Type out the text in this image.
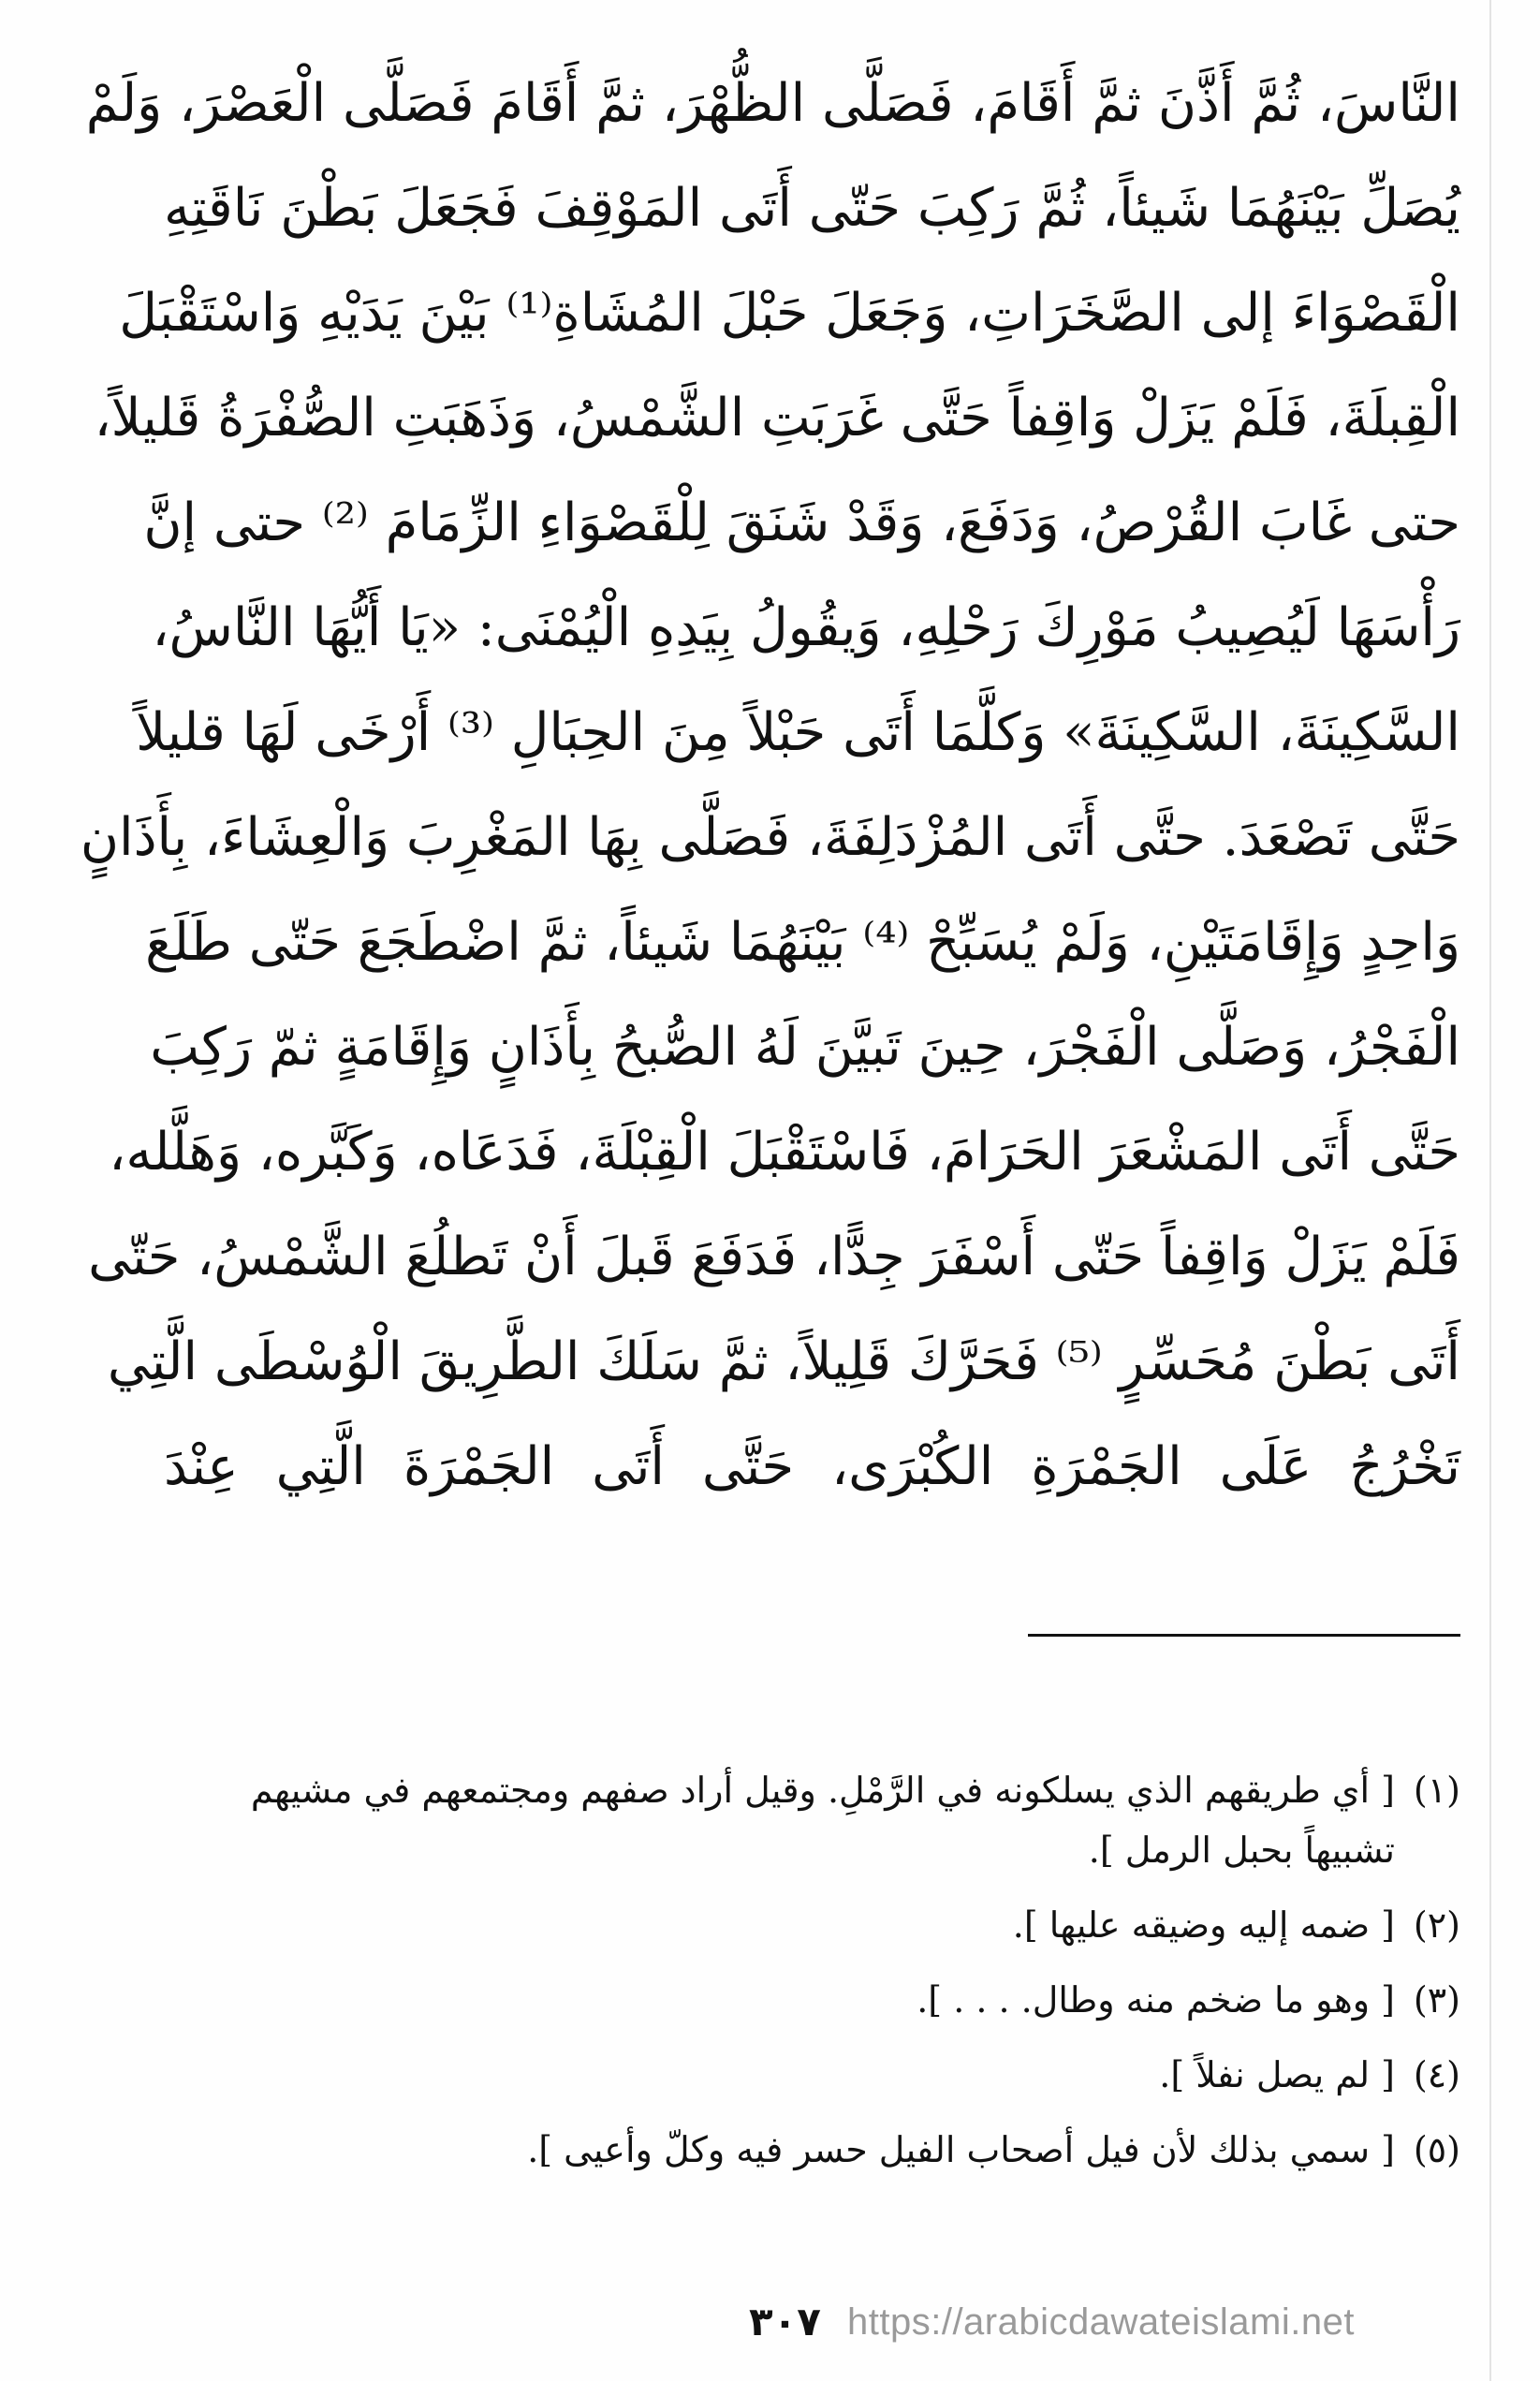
النَّاسَ، ثُمَّ أَذَّنَ ثمَّ أَقَامَ، فَصَلَّى الظُّهْرَ، ثمَّ أَقَامَ فَصَلَّى الْعَصْرَ، وَلَمْ
يُصَلِّ بَيْنَهُمَا شَيئاً، ثُمَّ رَكِبَ حَتّى أَتَى المَوْقِفَ فَجَعَلَ بَطْنَ نَاقَتِهِ
الْقَصْوَاءَ إلى الصَّخَرَاتِ، وَجَعَلَ حَبْلَ المُشَاةِ⁽¹⁾ بَيْنَ يَدَيْهِ وَاسْتَقْبَلَ
الْقِبلَةَ، فَلَمْ يَزَلْ وَاقِفاً حَتَّى غَرَبَتِ الشَّمْسُ، وَذَهَبَتِ الصُّفْرَةُ قَليلاً،
حتى غَابَ القُرْصُ، وَدَفَعَ، وَقَدْ شَنَقَ لِلْقَصْوَاءِ الزِّمَامَ ⁽²⁾ حتى إنَّ
رَأْسَهَا لَيُصِيبُ مَوْرِكَ رَحْلِهِ، وَيقُولُ بِيَدِهِ الْيُمْنَى: «يَا أَيُّهَا النَّاسُ،
السَّكِينَةَ، السَّكِينَةَ» وَكلَّمَا أَتَى حَبْلاً مِنَ الحِبَالِ ⁽³⁾ أَرْخَى لَهَا قليلاً
حَتَّى تَصْعَدَ. حتَّى أَتَى المُزْدَلِفَةَ، فَصَلَّى بِهَا المَغْرِبَ وَالْعِشَاءَ، بِأَذَانٍ
وَاحِدٍ وَإِقَامَتَيْنِ، وَلَمْ يُسَبِّحْ ⁽⁴⁾ بَيْنَهُمَا شَيئاً، ثمَّ اضْطَجَعَ حَتّى طَلَعَ
الْفَجْرُ، وَصَلَّى الْفَجْرَ، حِينَ تَبيَّنَ لَهُ الصُّبحُ بِأَذَانٍ وَإِقَامَةٍ ثمّ رَكِبَ
حَتَّى أَتَى المَشْعَرَ الحَرَامَ، فَاسْتَقْبَلَ الْقِبْلَةَ، فَدَعَاه، وَكَبَّره، وَهَلَّله،
فَلَمْ يَزَلْ وَاقِفاً حَتّى أَسْفَرَ جِدًّا، فَدَفَعَ قَبلَ أَنْ تَطلُعَ الشَّمْسُ، حَتّى
أَتَى بَطْنَ مُحَسِّرٍ ⁽⁵⁾ فَحَرَّكَ قَلِيلاً، ثمَّ سَلَكَ الطَّرِيقَ الْوُسْطَى الَّتِي
تَخْرُجُ عَلَى الجَمْرَةِ الكُبْرَى، حَتَّى أَتَى الجَمْرَةَ الَّتِي عِنْدَ
(١)
[ أي طريقهم الذي يسلكونه في الرَّمْلِ. وقيل أراد صفهم ومجتمعهم في مشيهم
تشبيهاً بحبل الرمل ].
(٢)
[ ضمه إليه وضيقه عليها ].
(٣)
[ وهو ما ضخم منه وطال. . . . ].
(٤)
[ لم يصل نفلاً ].
(٥)
[ سمي بذلك لأن فيل أصحاب الفيل حسر فيه وكلّ وأعيى ].
٣٠٧ https://arabicdawateislami.net
